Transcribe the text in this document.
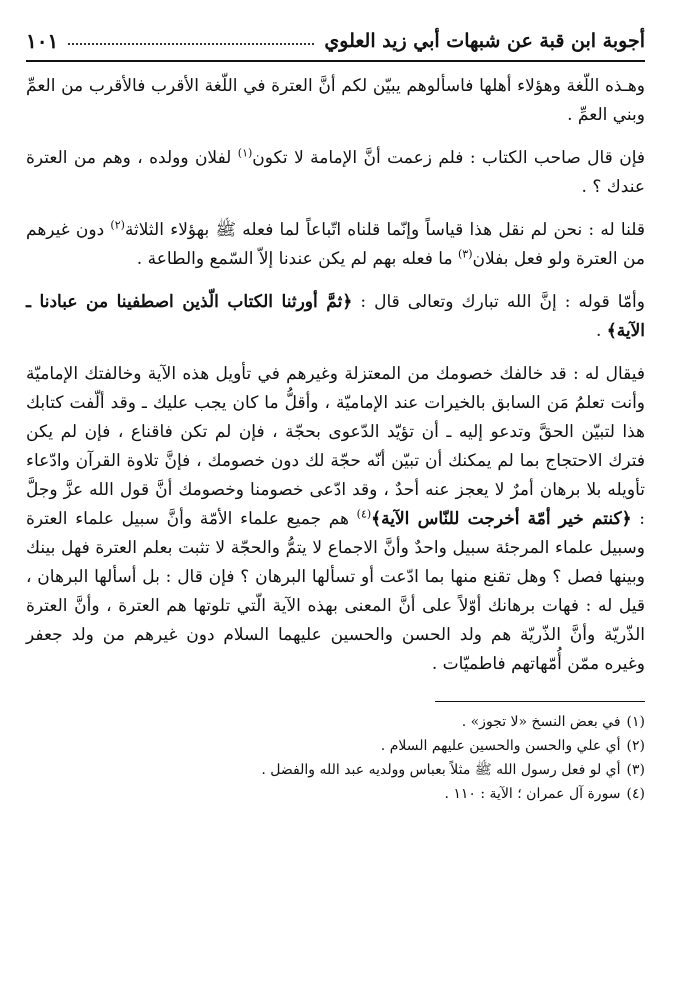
أجوبة ابن قبة عن شبهات أبي زيد العلوي
١٠١

وهـذه اللّغة وهؤلاء أهلها فاسألوهم يبيّن لكم أنَّ العترة في اللّغة الأقرب فالأقرب من العمِّ وبني العمِّ .

فإن قال صاحب الكتاب : فلم زعمت أنَّ الإمامة لا تكون$^{(١)}$ لفلان وولده ، وهم من العترة عندك ؟ .

قلنا له : نحن لم نقل هذا قياساً وإنّما قلناه اتّباعاً لما فعله ﷺ بهؤلاء الثلاثة$^{(٢)}$ دون غيرهم من العترة ولو فعل بفلان$^{(٣)}$ ما فعله بهم لم يكن عندنا إلاّ السّمع والطاعة .

وأمّا قوله : إنَّ الله تبارك وتعالى قال : ﴿ثمَّ أورثنا الكتاب الّذين اصطفينا من عبادنا ـ الآية﴾ .

فيقال له : قد خالفك خصومك من المعتزلة وغيرهم في تأويل هذه الآية وخالفتك الإماميّة وأنت تعلمُ مَن السابق بالخيرات عند الإماميّة ، وأقلُّ ما كان يجب عليك ـ وقد ألّفت كتابك هذا لتبيّن الحقَّ وتدعو إليه ـ أن تؤيّد الدّعوى بحجّة ، فإن لم تكن فاقناع ، فإن لم يكن فترك الاحتجاج بما لم يمكنك أن تبيّن أنّه حجّة لك دون خصومك ، فإنَّ تلاوة القرآن وادّعاء تأويله بلا برهان أمرٌ لا يعجز عنه أحدٌ ، وقد ادّعى خصومنا وخصومك أنَّ قول الله عزَّ وجلَّ : ﴿كنتم خير أمّة أخرجت للنّاس الآية﴾$^{(٤)}$ هم جميع علماء الأمّة وأنَّ سبيل علماء العترة وسبيل علماء المرجئة سبيل واحدٌ وأنَّ الاجماع لا يتمُّ والحجّة لا تثبت بعلم العترة فهل بينك وبينها فصل ؟ وهل تقنع منها بما ادّعت أو تسألها البرهان ؟ فإن قال : بل أسألها البرهان ، قيل له : فهات برهانك أوّلاً على أنَّ المعنى بهذه الآية الّتي تلوتها هم العترة ، وأنَّ العترة الذّريّة وأنَّ الذّريّة هم ولد الحسن والحسين عليهما السلام دون غيرهم من ولد جعفر وغيره ممّن أُمّهاتهم فاطميّات .

(١)في بعض النسخ «لا تجوز» .
(٢)أي علي والحسن والحسين عليهم السلام .
(٣)أي لو فعل رسول الله ﷺ مثلاً بعباس وولديه عبد الله والفضل .
(٤)سورة آل عمران ؛ الآية : ١١٠ .
